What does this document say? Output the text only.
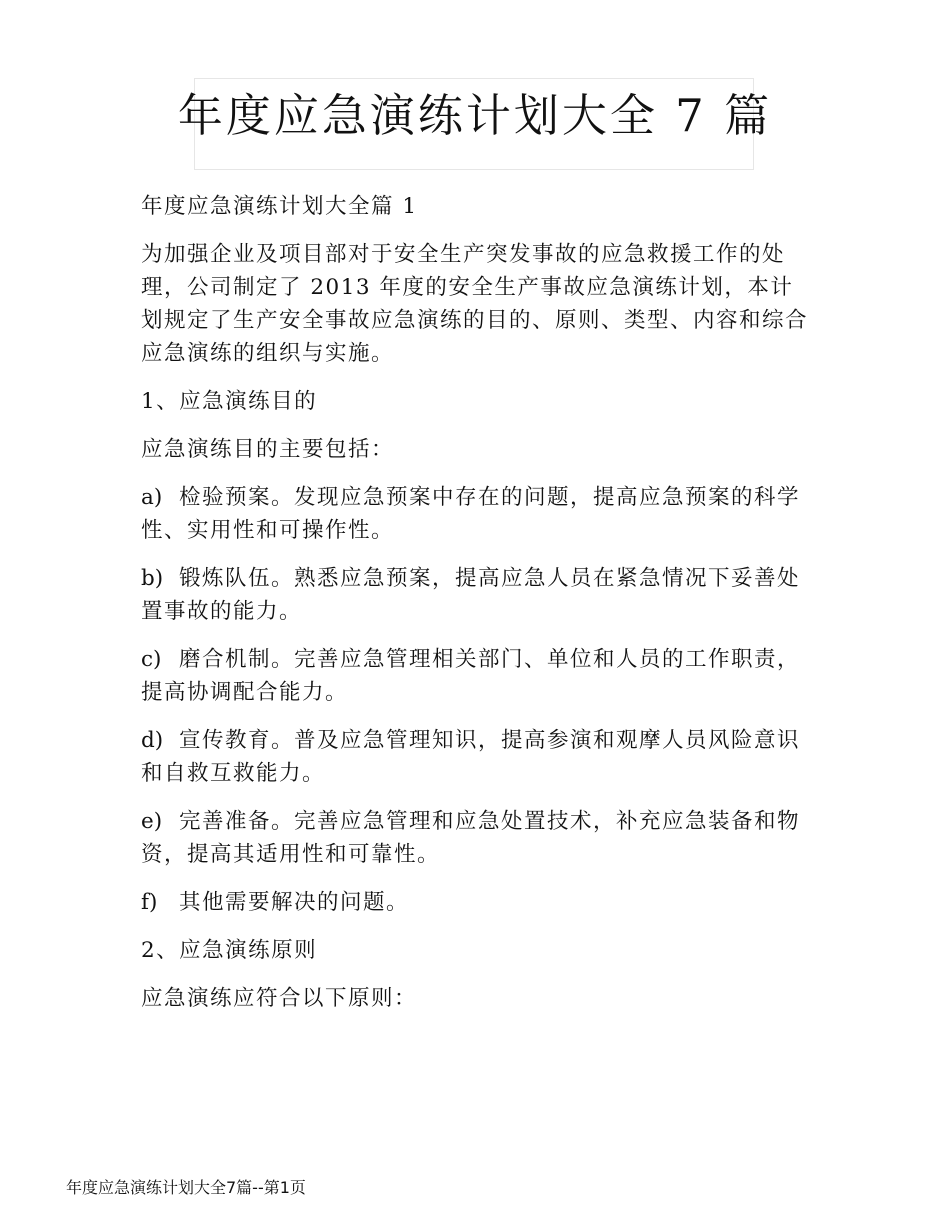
年度应急演练计划大全 7 篇

年度应急演练计划大全篇 1

为加强企业及项目部对于安全生产突发事故的应急救援工作的处理，公司制定了 2013 年度的安全生产事故应急演练计划，本计划规定了生产安全事故应急演练的目的、原则、类型、内容和综合应急演练的组织与实施。

1、应急演练目的

应急演练目的主要包括：

a) 检验预案。发现应急预案中存在的问题，提高应急预案的科学性、实用性和可操作性。

b) 锻炼队伍。熟悉应急预案，提高应急人员在紧急情况下妥善处置事故的能力。

c) 磨合机制。完善应急管理相关部门、单位和人员的工作职责，提高协调配合能力。

d) 宣传教育。普及应急管理知识，提高参演和观摩人员风险意识和自救互救能力。

e) 完善准备。完善应急管理和应急处置技术，补充应急装备和物资，提高其适用性和可靠性。

f) 其他需要解决的问题。

2、应急演练原则

应急演练应符合以下原则：

年度应急演练计划大全7篇--第1页
